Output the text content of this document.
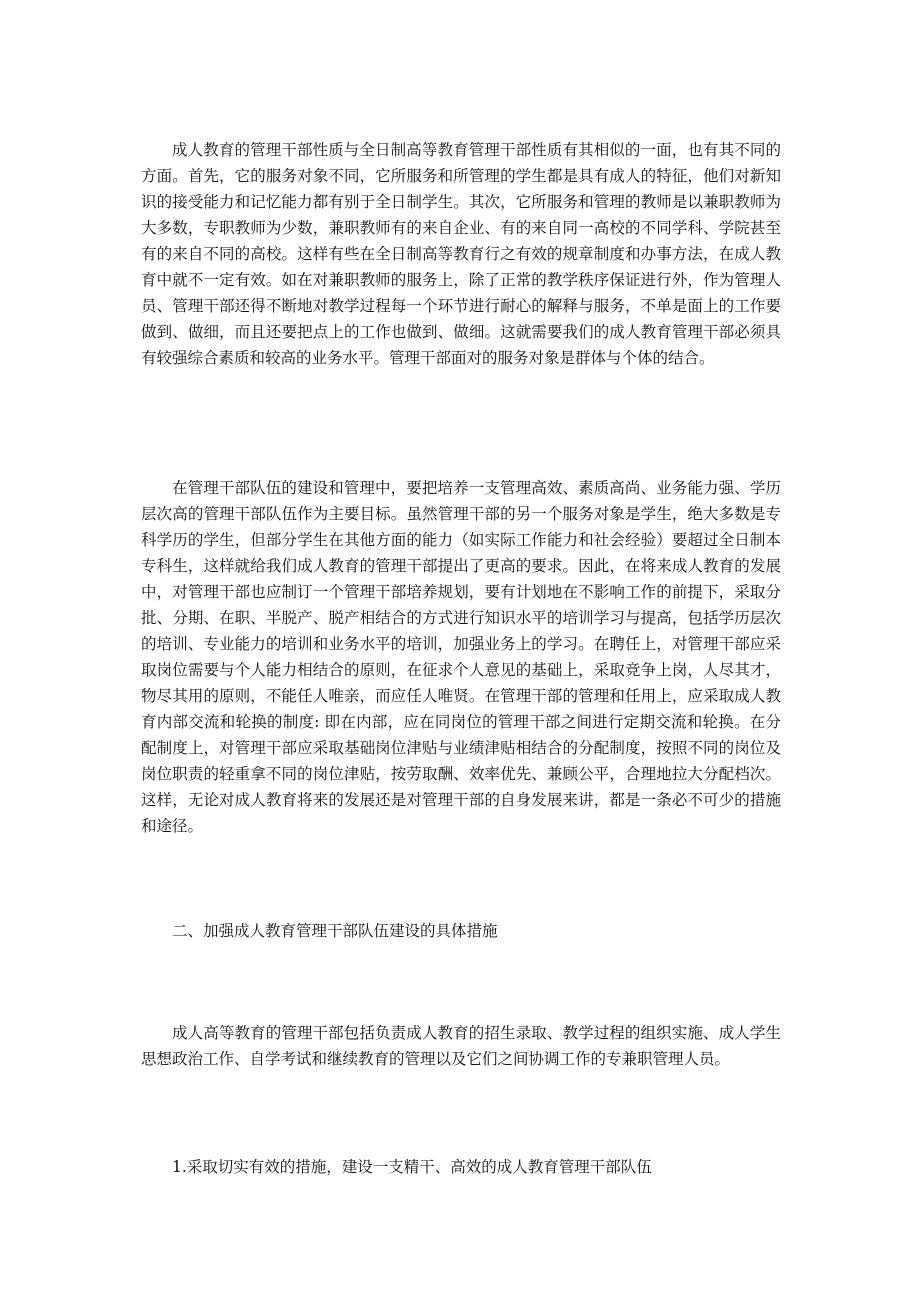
成人教育的管理干部性质与全日制高等教育管理干部性质有其相似的一面，也有其不同的方面。首先，它的服务对象不同，它所服务和所管理的学生都是具有成人的特征，他们对新知识的接受能力和记忆能力都有别于全日制学生。其次，它所服务和管理的教师是以兼职教师为大多数，专职教师为少数，兼职教师有的来自企业、有的来自同一高校的不同学科、学院甚至有的来自不同的高校。这样有些在全日制高等教育行之有效的规章制度和办事方法，在成人教育中就不一定有效。如在对兼职教师的服务上，除了正常的教学秩序保证进行外，作为管理人员、管理干部还得不断地对教学过程每一个环节进行耐心的解释与服务，不单是面上的工作要做到、做细，而且还要把点上的工作也做到、做细。这就需要我们的成人教育管理干部必须具有较强综合素质和较高的业务水平。管理干部面对的服务对象是群体与个体的结合。

在管理干部队伍的建设和管理中，要把培养一支管理高效、素质高尚、业务能力强、学历层次高的管理干部队伍作为主要目标。虽然管理干部的另一个服务对象是学生，绝大多数是专科学历的学生，但部分学生在其他方面的能力（如实际工作能力和社会经验）要超过全日制本专科生，这样就给我们成人教育的管理干部提出了更高的要求。因此，在将来成人教育的发展中，对管理干部也应制订一个管理干部培养规划，要有计划地在不影响工作的前提下，采取分批、分期、在职、半脱产、脱产相结合的方式进行知识水平的培训学习与提高，包括学历层次的培训、专业能力的培训和业务水平的培训，加强业务上的学习。在聘任上，对管理干部应采取岗位需要与个人能力相结合的原则，在征求个人意见的基础上，采取竞争上岗，人尽其才，物尽其用的原则，不能任人唯亲，而应任人唯贤。在管理干部的管理和任用上，应采取成人教育内部交流和轮换的制度: 即在内部，应在同岗位的管理干部之间进行定期交流和轮换。在分配制度上，对管理干部应采取基础岗位津贴与业绩津贴相结合的分配制度，按照不同的岗位及岗位职责的轻重拿不同的岗位津贴，按劳取酬、效率优先、兼顾公平，合理地拉大分配档次。这样，无论对成人教育将来的发展还是对管理干部的自身发展来讲，都是一条必不可少的措施和途径。

二、加强成人教育管理干部队伍建设的具体措施

成人高等教育的管理干部包括负责成人教育的招生录取、教学过程的组织实施、成人学生思想政治工作、自学考试和继续教育的管理以及它们之间协调工作的专兼职管理人员。

1.采取切实有效的措施，建设一支精干、高效的成人教育管理干部队伍
